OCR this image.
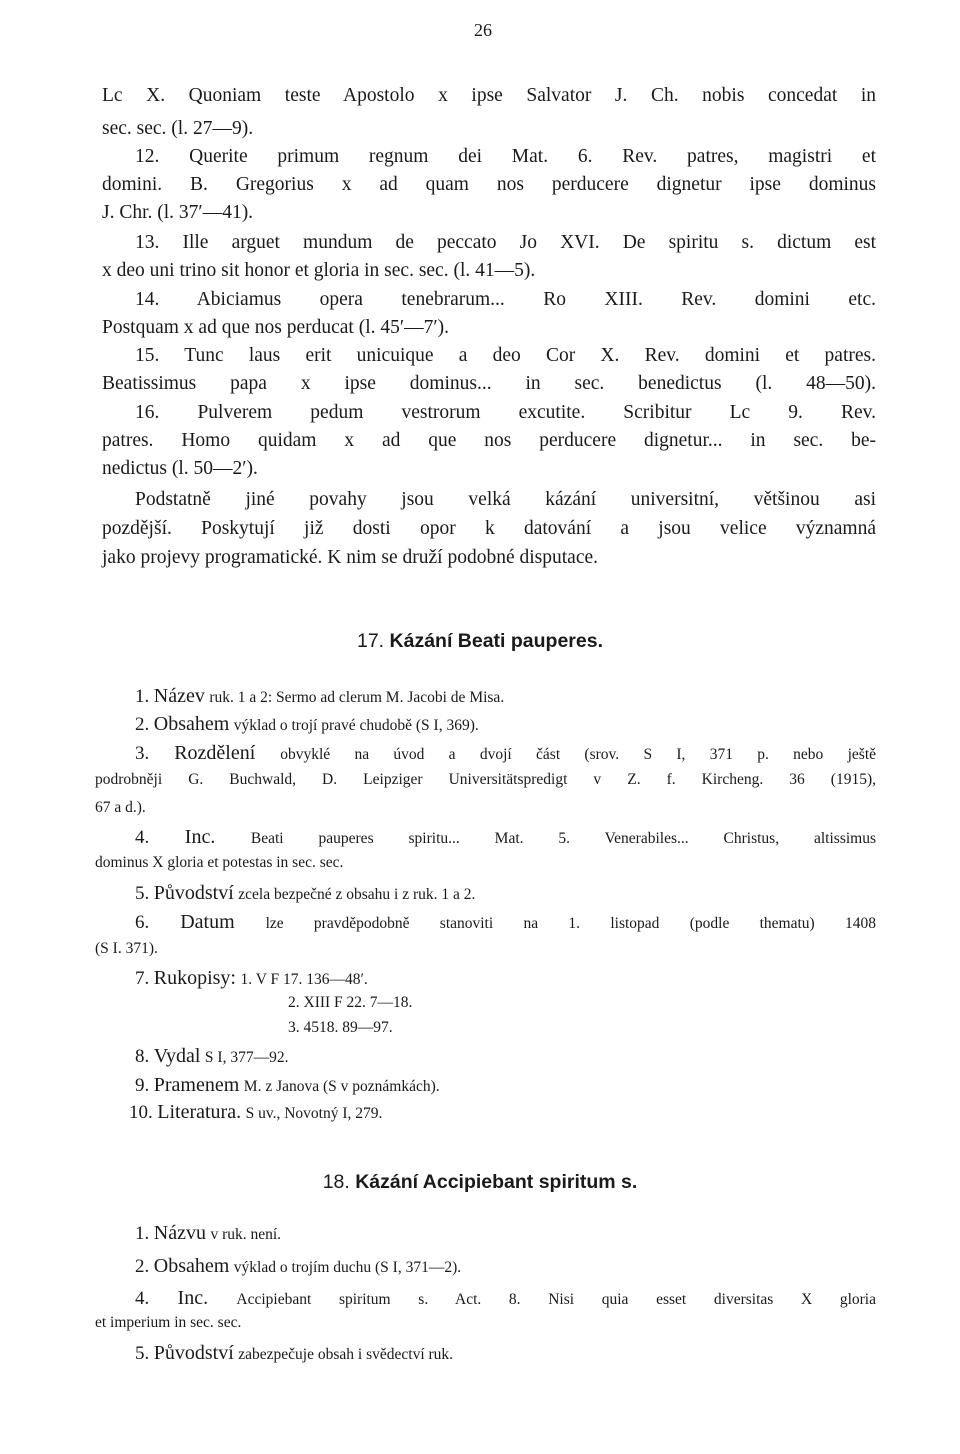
26
Lc X. Quoniam teste Apostolo x ipse Salvator J. Ch. nobis concedat in
sec. sec. (l. 27—9).
12. Querite primum regnum dei Mat. 6. Rev. patres, magistri et
domini. B. Gregorius x ad quam nos perducere dignetur ipse dominus
J. Chr. (l. 37′—41).
13. Ille arguet mundum de peccato Jo XVI. De spiritu s. dictum est
x deo uni trino sit honor et gloria in sec. sec. (l. 41—5).
14. Abiciamus opera tenebrarum... Ro XIII. Rev. domini etc.
Postquam x ad que nos perducat (l. 45′—7′).
15. Tunc laus erit unicuique a deo Cor X. Rev. domini et patres.
Beatissimus papa x ipse dominus... in sec. benedictus (l. 48—50).
16. Pulverem pedum vestrorum excutite. Scribitur Lc 9. Rev.
patres. Homo quidam x ad que nos perducere dignetur... in sec. be-
nedictus (l. 50—2′).
Podstatně jiné povahy jsou velká kázání universitní, většinou asi
pozdější. Poskytují již dosti opor k datování a jsou velice významná
jako projevy programatické. K nim se druží podobné disputace.
17. Kázání Beati pauperes.
1. Název ruk. 1 a 2: Sermo ad clerum M. Jacobi de Misa.
2. Obsahem výklad o trojí pravé chudobě (S I, 369).
3. Rozdělení obvyklé na úvod a dvojí část (srov. S I, 371 p. nebo ještě
podrobněji G. Buchwald, D. Leipziger Universitätspredigt v Z. f. Kircheng. 36 (1915),
67 a d.).
4. Inc. Beati pauperes spiritu... Mat. 5. Venerabiles... Christus, altissimus
dominus X gloria et potestas in sec. sec.
5. Původství zcela bezpečné z obsahu i z ruk. 1 a 2.
6. Datum lze pravděpodobně stanoviti na 1. listopad (podle thematu) 1408
(S I. 371).
7. Rukopisy: 1. V F 17. 136—48′.
2. XIII F 22. 7—18.
3. 4518. 89—97.
8. Vydal S I, 377—92.
9. Pramenem M. z Janova (S v poznámkách).
10. Literatura. S uv., Novotný I, 279.
18. Kázání Accipiebant spiritum s.
1. Názvu v ruk. není.
2. Obsahem výklad o trojím duchu (S I, 371—2).
4. Inc. Accipiebant spiritum s. Act. 8. Nisi quia esset diversitas X gloria
et imperium in sec. sec.
5. Původství zabezpečuje obsah i svědectví ruk.
